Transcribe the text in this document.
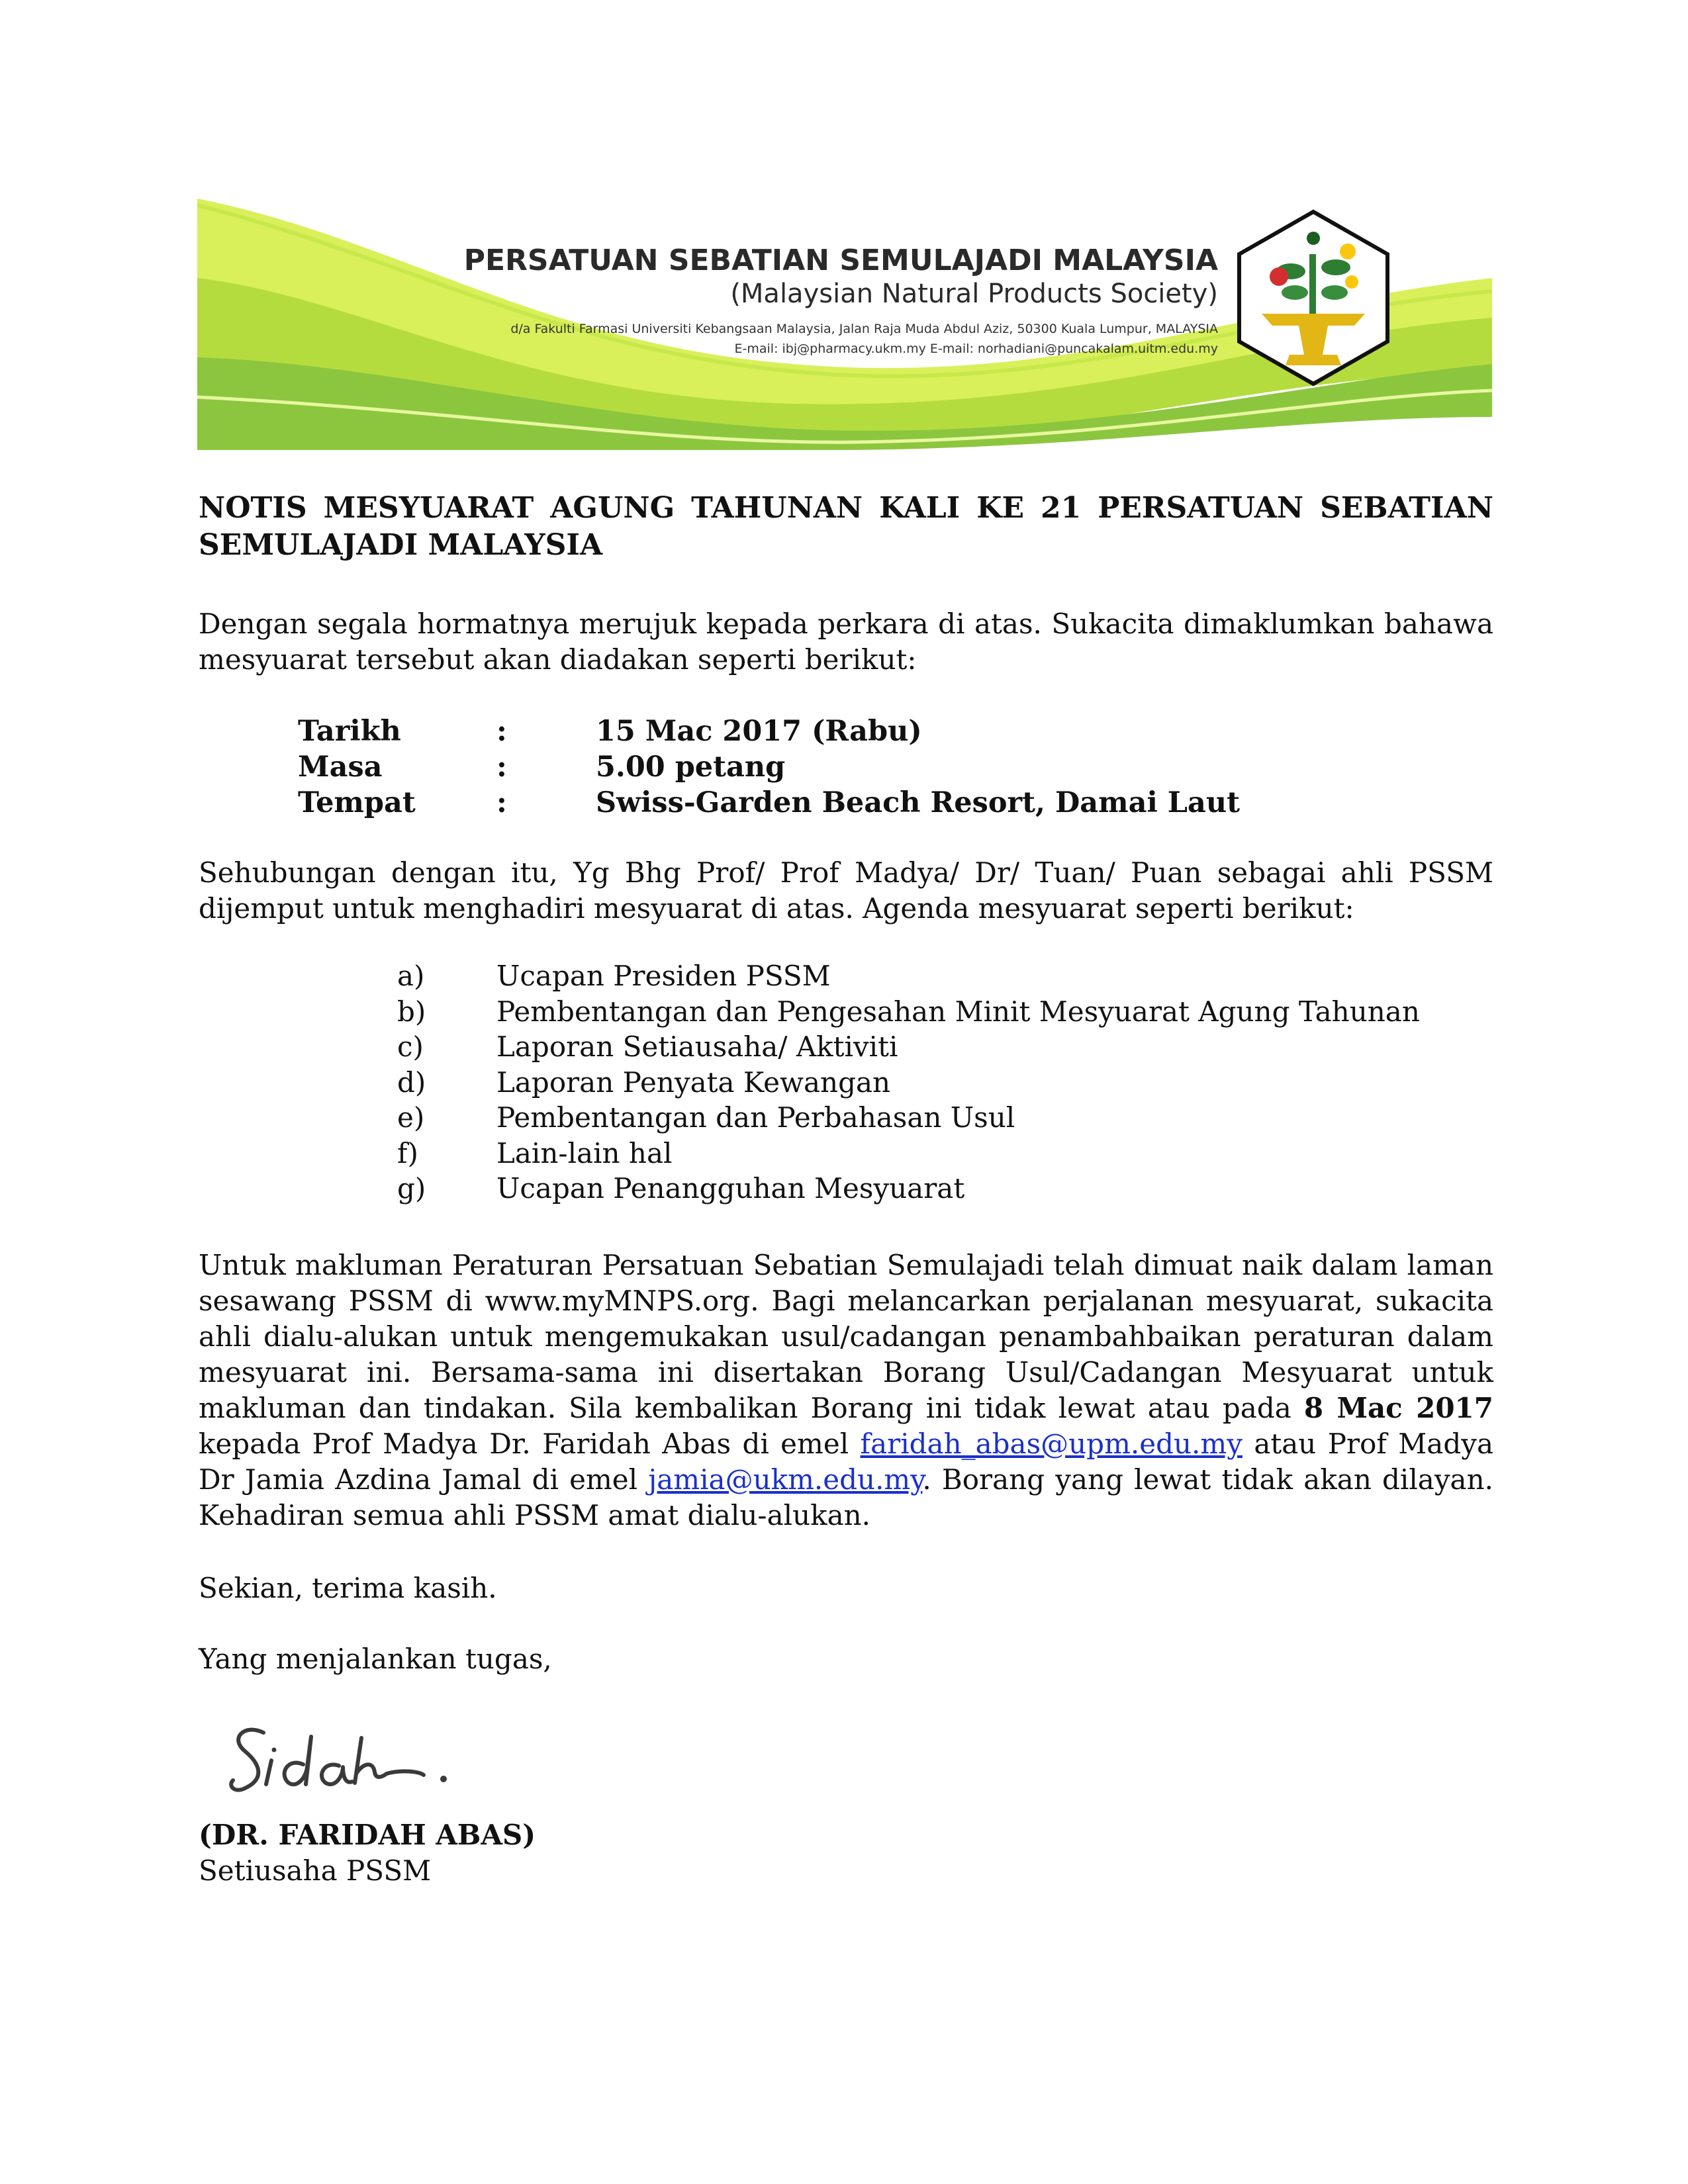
PERSATUAN SEBATIAN SEMULAJADI MALAYSIA

(Malaysian Natural Products Society)

d/a Fakulti Farmasi Universiti Kebangsaan Malaysia, Jalan Raja Muda Abdul Aziz, 50300 Kuala Lumpur, MALAYSIA

E-mail: ibj@pharmacy.ukm.my E-mail: norhadiani@puncakalam.uitm.edu.my

NOTIS MESYUARAT AGUNG TAHUNAN KALI KE 21 PERSATUAN SEBATIAN SEMULAJADI MALAYSIA

Dengan segala hormatnya merujuk kepada perkara di atas. Sukacita dimaklumkan bahawa mesyuarat tersebut akan diadakan seperti berikut:

Tarikh	:	15 Mac 2017 (Rabu)
Masa	:	5.00 petang
Tempat	:	Swiss-Garden Beach Resort, Damai Laut

Sehubungan dengan itu, Yg Bhg Prof/ Prof Madya/ Dr/ Tuan/ Puan sebagai ahli PSSM dijemput untuk menghadiri mesyuarat di atas. Agenda mesyuarat seperti berikut:

a)	Ucapan Presiden PSSM
b)	Pembentangan dan Pengesahan Minit Mesyuarat Agung Tahunan
c)	Laporan Setiausaha/ Aktiviti
d)	Laporan Penyata Kewangan
e)	Pembentangan dan Perbahasan Usul
f)	Lain-lain hal
g)	Ucapan Penangguhan Mesyuarat

Untuk makluman Peraturan Persatuan Sebatian Semulajadi telah dimuat naik dalam laman sesawang PSSM di www.myMNPS.org. Bagi melancarkan perjalanan mesyuarat, sukacita ahli dialu-alukan untuk mengemukakan usul/cadangan penambahbaikan peraturan dalam mesyuarat ini. Bersama-sama ini disertakan Borang Usul/Cadangan Mesyuarat untuk makluman dan tindakan. Sila kembalikan Borang ini tidak lewat atau pada 8 Mac 2017 kepada Prof Madya Dr. Faridah Abas di emel faridah_abas@upm.edu.my atau Prof Madya Dr Jamia Azdina Jamal di emel jamia@ukm.edu.my. Borang yang lewat tidak akan dilayan. Kehadiran semua ahli PSSM amat dialu-alukan.

Sekian, terima kasih.

Yang menjalankan tugas,

(DR. FARIDAH ABAS)

Setiusaha PSSM
